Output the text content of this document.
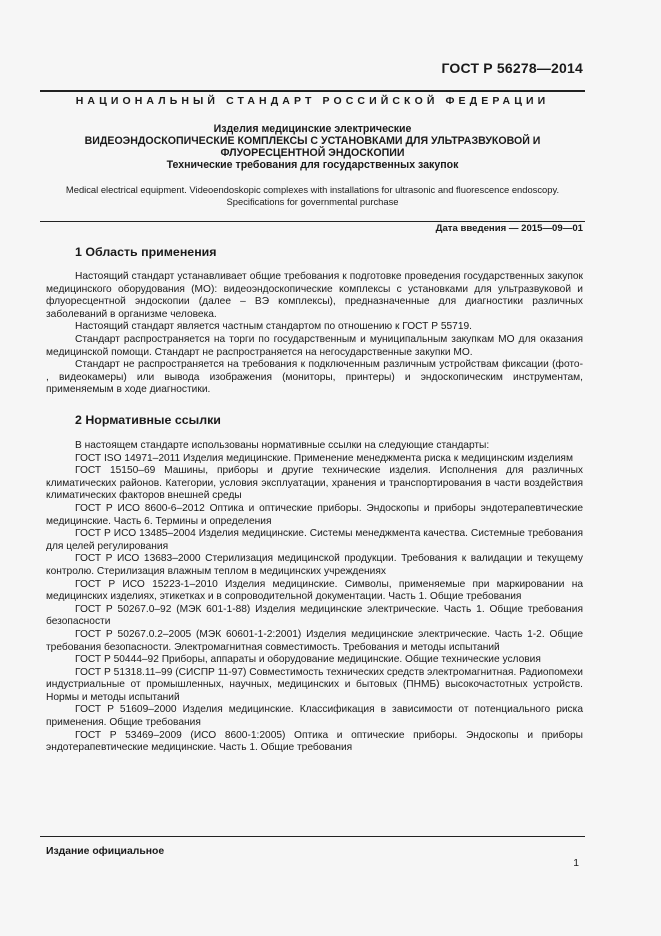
ГОСТ Р 56278—2014
НАЦИОНАЛЬНЫЙ СТАНДАРТ РОССИЙСКОЙ ФЕДЕРАЦИИ
Изделия медицинские электрические
ВИДЕОЭНДОСКОПИЧЕСКИЕ КОМПЛЕКСЫ С УСТАНОВКАМИ ДЛЯ УЛЬТРАЗВУКОВОЙ И
ФЛУОРЕСЦЕНТНОЙ ЭНДОСКОПИИ
Технические требования для государственных закупок
Medical electrical equipment. Videoendoskopic complexes with installations for ultrasonic and fluorescence endoscopy.
Specifications for governmental purchase
Дата введения — 2015—09—01
1 Область применения

Настоящий стандарт устанавливает общие требования к подготовке проведения государственных закупок медицинского оборудования (МО): видеоэндоскопические комплексы с установками для ультразвуковой и флуоресцентной эндоскопии (далее – ВЭ комплексы), предназначенные для диагностики различных заболеваний в организме человека.

Настоящий стандарт является частным стандартом по отношению к ГОСТ Р 55719.

Стандарт распространяется на торги по государственным и муниципальным закупкам МО для оказания медицинской помощи. Стандарт не распространяется на негосударственные закупки МО.

Стандарт не распространяется на требования к подключенным различным устройствам фиксации (фото- , видеокамеры) или вывода изображения (мониторы, принтеры) и эндоскопическим инструментам, применяемым в ходе диагностики.

2 Нормативные ссылки

В настоящем стандарте использованы нормативные ссылки на следующие стандарты:

ГОСТ ISO 14971–2011 Изделия медицинские. Применение менеджмента риска к медицинским изделиям

ГОСТ 15150–69 Машины, приборы и другие технические изделия. Исполнения для различных климатических районов. Категории, условия эксплуатации, хранения и транспортирования в части воздействия климатических факторов внешней среды

ГОСТ Р ИСО 8600-6–2012 Оптика и оптические приборы. Эндоскопы и приборы эндотерапевтические медицинские. Часть 6. Термины и определения

ГОСТ Р ИСО 13485–2004 Изделия медицинские. Системы менеджмента качества. Системные требования для целей регулирования

ГОСТ Р ИСО 13683–2000 Стерилизация медицинской продукции. Требования к валидации и текущему контролю. Стерилизация влажным теплом в медицинских учреждениях

ГОСТ Р ИСО 15223-1–2010 Изделия медицинские. Символы, применяемые при маркировании на медицинских изделиях, этикетках и в сопроводительной документации. Часть 1. Общие требования

ГОСТ Р 50267.0–92 (МЭК 601-1-88) Изделия медицинские электрические. Часть 1. Общие требования безопасности

ГОСТ Р 50267.0.2–2005 (МЭК 60601-1-2:2001) Изделия медицинские электрические. Часть 1-2. Общие требования безопасности. Электромагнитная совместимость. Требования и методы испытаний

ГОСТ Р 50444–92 Приборы, аппараты и оборудование медицинские. Общие технические условия

ГОСТ Р 51318.11–99 (СИСПР 11-97) Совместимость технических средств электромагнитная. Радиопомехи индустриальные от промышленных, научных, медицинских и бытовых (ПНМБ) высокочастотных устройств. Нормы и методы испытаний

ГОСТ Р 51609–2000 Изделия медицинские. Классификация в зависимости от потенциального риска применения. Общие требования

ГОСТ Р 53469–2009 (ИСО 8600-1:2005) Оптика и оптические приборы. Эндоскопы и приборы эндотерапевтические медицинские. Часть 1. Общие требования

Издание официальное
1
